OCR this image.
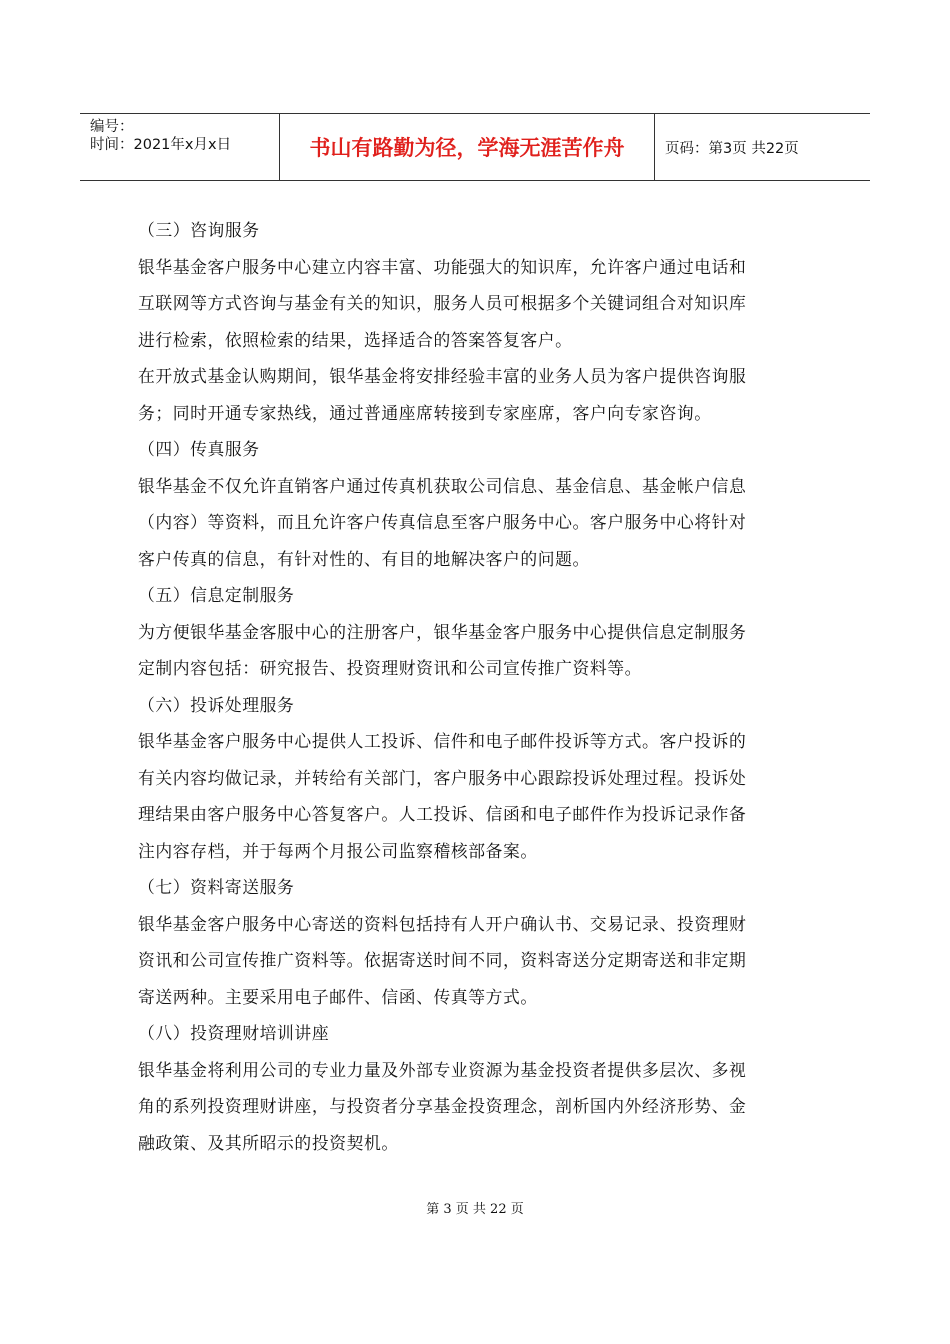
编号：
时间：2021年x月x日	书山有路勤为径，学海无涯苦作舟	页码：第3页 共22页
（三）咨询服务
银华基金客户服务中心建立内容丰富、功能强大的知识库，允许客户通过电话和
互联网等方式咨询与基金有关的知识，服务人员可根据多个关键词组合对知识库
进行检索，依照检索的结果，选择适合的答案答复客户。
在开放式基金认购期间，银华基金将安排经验丰富的业务人员为客户提供咨询服
务；同时开通专家热线，通过普通座席转接到专家座席，客户向专家咨询。
（四）传真服务
银华基金不仅允许直销客户通过传真机获取公司信息、基金信息、基金帐户信息
（内容）等资料，而且允许客户传真信息至客户服务中心。客户服务中心将针对
客户传真的信息，有针对性的、有目的地解决客户的问题。
（五）信息定制服务
为方便银华基金客服中心的注册客户，银华基金客户服务中心提供信息定制服务
定制内容包括：研究报告、投资理财资讯和公司宣传推广资料等。
（六）投诉处理服务
银华基金客户服务中心提供人工投诉、信件和电子邮件投诉等方式。客户投诉的
有关内容均做记录，并转给有关部门，客户服务中心跟踪投诉处理过程。投诉处
理结果由客户服务中心答复客户。人工投诉、信函和电子邮件作为投诉记录作备
注内容存档，并于每两个月报公司监察稽核部备案。
（七）资料寄送服务
银华基金客户服务中心寄送的资料包括持有人开户确认书、交易记录、投资理财
资讯和公司宣传推广资料等。依据寄送时间不同，资料寄送分定期寄送和非定期
寄送两种。主要采用电子邮件、信函、传真等方式。
（八）投资理财培训讲座
银华基金将利用公司的专业力量及外部专业资源为基金投资者提供多层次、多视
角的系列投资理财讲座，与投资者分享基金投资理念，剖析国内外经济形势、金
融政策、及其所昭示的投资契机。
第 3 页 共 22 页
